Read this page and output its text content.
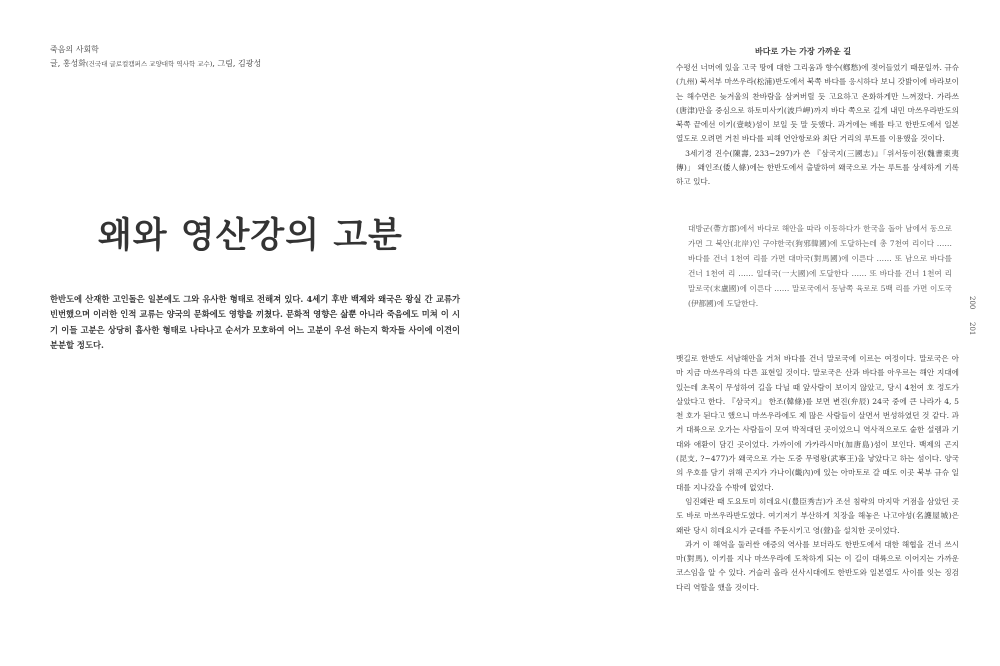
죽음의 사회학
글, 홍성화(건국대 글로컬캠퍼스 교양대학 역사학 교수), 그림, 김광성
왜와 영산강의 고분

한반도에 산재한 고인돌은 일본에도 그와 유사한 형태로 전해져 있다. 4세기 후반 백제와 왜국은 왕실 간 교류가 빈번했으며 이러한 인적 교류는 양국의 문화에도 영향을 끼쳤다. 문화적 영향은 삶뿐 아니라 죽음에도 미쳐 이 시기 이들 고분은 상당히 흡사한 형태로 나타나고 순서가 모호하여 어느 고분이 우선 하는지 학자들 사이에 이견이 분분할 정도다.

바다로 가는 가장 가까운 길

수평선 너머에 있을 고국 땅에 대한 그리움과 향수(鄕愁)에 젖어들었기 때문일까. 규슈(九州) 북서부 마쓰우라(松浦)반도에서 북쪽 바다를 응시하다 보니 갓밝이에 바라보이는 해수면은 늦겨울의 찬바람을 삼켜버릴 듯 고요하고 온화하게만 느껴졌다. 가라쓰(唐津)만을 중심으로 하토미사키(波戶岬)까지 바다 쪽으로 길게 내민 마쓰우라반도의 북쪽 끝에선 이키(壹岐)섬이 보일 듯 말 듯했다. 과거에는 배를 타고 한반도에서 일본열도로 오려면 거친 바다를 피해 연안항로와 최단 거리의 루트를 이용했을 것이다.

3세기경 진수(陳壽, 233~297)가 쓴 『삼국지(三國志)』「위서동이전(魏書東夷傳)」 왜인조(倭人條)에는 한반도에서 출발하여 왜국으로 가는 루트를 상세하게 기록하고 있다.

대방군(帶方郡)에서 바다로 해안을 따라 이동하다가 한국을 돌아 남에서 동으로 가면 그 북안(北岸)인 구야한국(狗邪韓國)에 도달하는데 총 7천여 리이다 …… 바다를 건너 1천여 리를 가면 대마국(對馬國)에 이른다 …… 또 남으로 바다를 건너 1천여 리 …… 일대국(一大國)에 도달한다 …… 또 바다를 건너 1천여 리 말로국(末盧國)에 이른다 …… 말로국에서 동남쪽 육로로 5백 리를 가면 이도국(伊都國)에 도달한다.

뱃길로 한반도 서남해안을 거쳐 바다를 건너 말로국에 이르는 여정이다. 말로국은 아마 지금 마쓰우라의 다른 표현일 것이다. 말로국은 산과 바다를 아우르는 해안 지대에 있는데 초목이 무성하여 길을 다닐 때 앞사람이 보이지 않았고, 당시 4천여 호 정도가 살았다고 한다. 『삼국지』 한조(韓條)를 보면 변진(弁辰) 24국 중에 큰 나라가 4, 5천 호가 된다고 했으니 마쓰우라에도 제 많은 사람들이 살면서 번성하였던 것 같다. 과거 대륙으로 오가는 사람들이 모여 박적대던 곳이었으니 역사적으로도 숱한 설렘과 기대와 애환이 담긴 곳이었다. 가까이에 가카라시마(加唐島)섬이 보인다. 백제의 곤지(昆支, ?~477)가 왜국으로 가는 도중 무령왕(武寧王)을 낳았다고 하는 섬이다. 양국의 우호를 담기 위해 곤지가 가나이(畿內)에 있는 아마토로 갈 때도 이곳 북부 규슈 일대를 지나갔을 수밖에 없었다.

임진왜란 때 도요토미 히데요시(豊臣秀吉)가 조선 침략의 마지막 거점을 삼았던 곳도 바로 마쓰우라반도였다. 여기저기 부산하게 치장을 해놓은 나고야성(名護屋城)은 왜란 당시 히데요시가 군대를 주둔시키고 영(營)을 설치한 곳이었다.

과거 이 해역을 둘러싼 애증의 역사를 보더라도 한반도에서 대한 해협을 건너 쓰시마(對馬), 이키를 지나 마쓰우라에 도착하게 되는 이 길이 대륙으로 이어지는 가까운 코스임을 알 수 있다. 거슬러 올라 선사시대에도 한반도와 일본열도 사이를 잇는 징검다리 역할을 했을 것이다.

200
201
